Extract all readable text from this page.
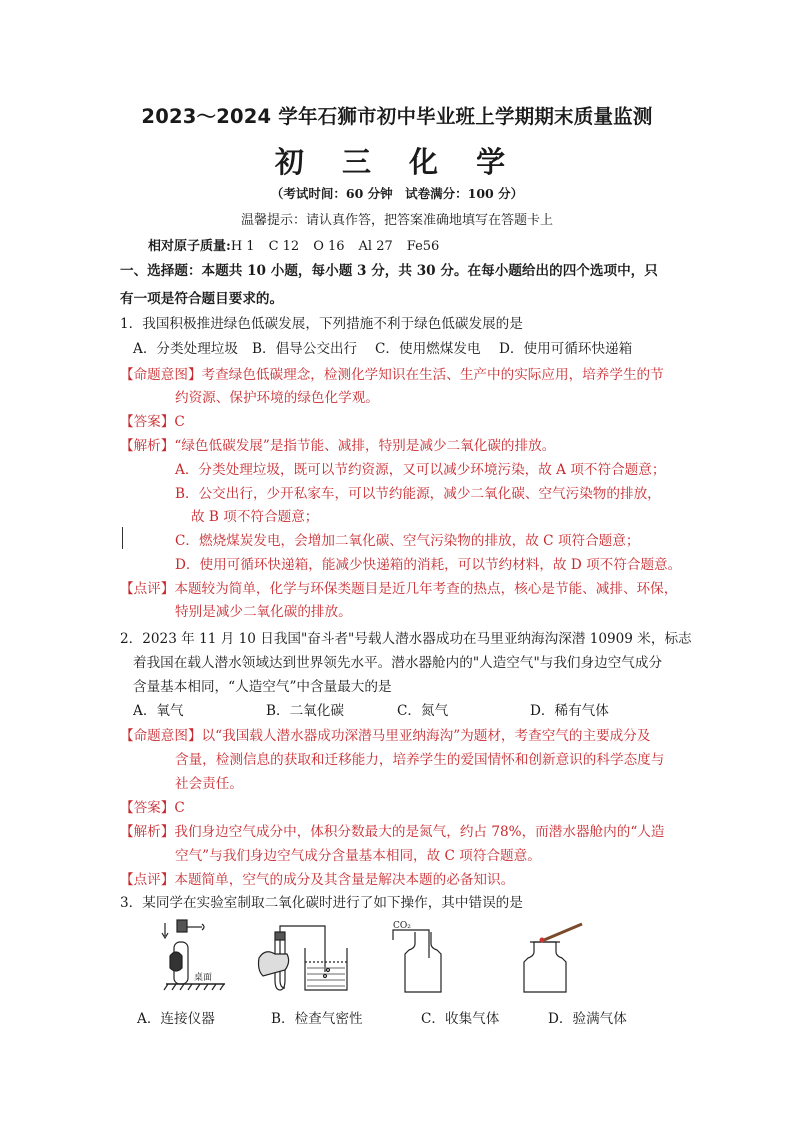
2023～2024 学年石狮市初中毕业班上学期期末质量监测
初 三 化 学
（考试时间：60 分钟　试卷满分：100 分）
温馨提示：请认真作答，把答案准确地填写在答题卡上
相对原子质量:H 1 C 12 O 16 Al 27 Fe56
一、选择题：本题共 10 小题，每小题 3 分，共 30 分。在每小题给出的四个选项中，只
有一项是符合题目要求的。
1．我国积极推进绿色低碳发展，下列措施不利于绿色低碳发展的是
A．分类处理垃圾 B．倡导公交出行 C．使用燃煤发电 D．使用可循环快递箱
【命题意图】考查绿色低碳理念，检测化学知识在生活、生产中的实际应用，培养学生的节
约资源、保护环境的绿色化学观。
【答案】C
【解析】“绿色低碳发展”是指节能、减排，特别是减少二氧化碳的排放。
A．分类处理垃圾，既可以节约资源，又可以减少环境污染，故 A 项不符合题意；
B．公交出行，少开私家车，可以节约能源，减少二氧化碳、空气污染物的排放，
故 B 项不符合题意；
C．燃烧煤炭发电，会增加二氧化碳、空气污染物的排放，故 C 项符合题意；
D．使用可循环快递箱，能减少快递箱的消耗，可以节约材料，故 D 项不符合题意。
【点评】本题较为简单，化学与环保类题目是近几年考查的热点，核心是节能、减排、环保，
特别是减少二氧化碳的排放。
2．2023 年 11 月 10 日我国"奋斗者"号载人潜水器成功在马里亚纳海沟深潜 10909 米，标志
着我国在载人潜水领域达到世界领先水平。潜水器舱内的"人造空气"与我们身边空气成分
含量基本相同，“人造空气”中含量最大的是
A．氧气	B．二氧化碳	C．氮气	D．稀有气体
【命题意图】以“我国载人潜水器成功深潜马里亚纳海沟”为题材，考查空气的主要成分及
含量，检测信息的获取和迁移能力，培养学生的爱国情怀和创新意识的科学态度与
社会责任。
【答案】C
【解析】我们身边空气成分中，体积分数最大的是氮气，约占 78%，而潜水器舱内的“人造
空气”与我们身边空气成分含量基本相同，故 C 项符合题意。
【点评】本题简单，空气的成分及其含量是解决本题的必备知识。
3．某同学在实验室制取二氧化碳时进行了如下操作，其中错误的是
桌面
CO₂
A．连接仪器	B．检查气密性	C．收集气体	D．验满气体
